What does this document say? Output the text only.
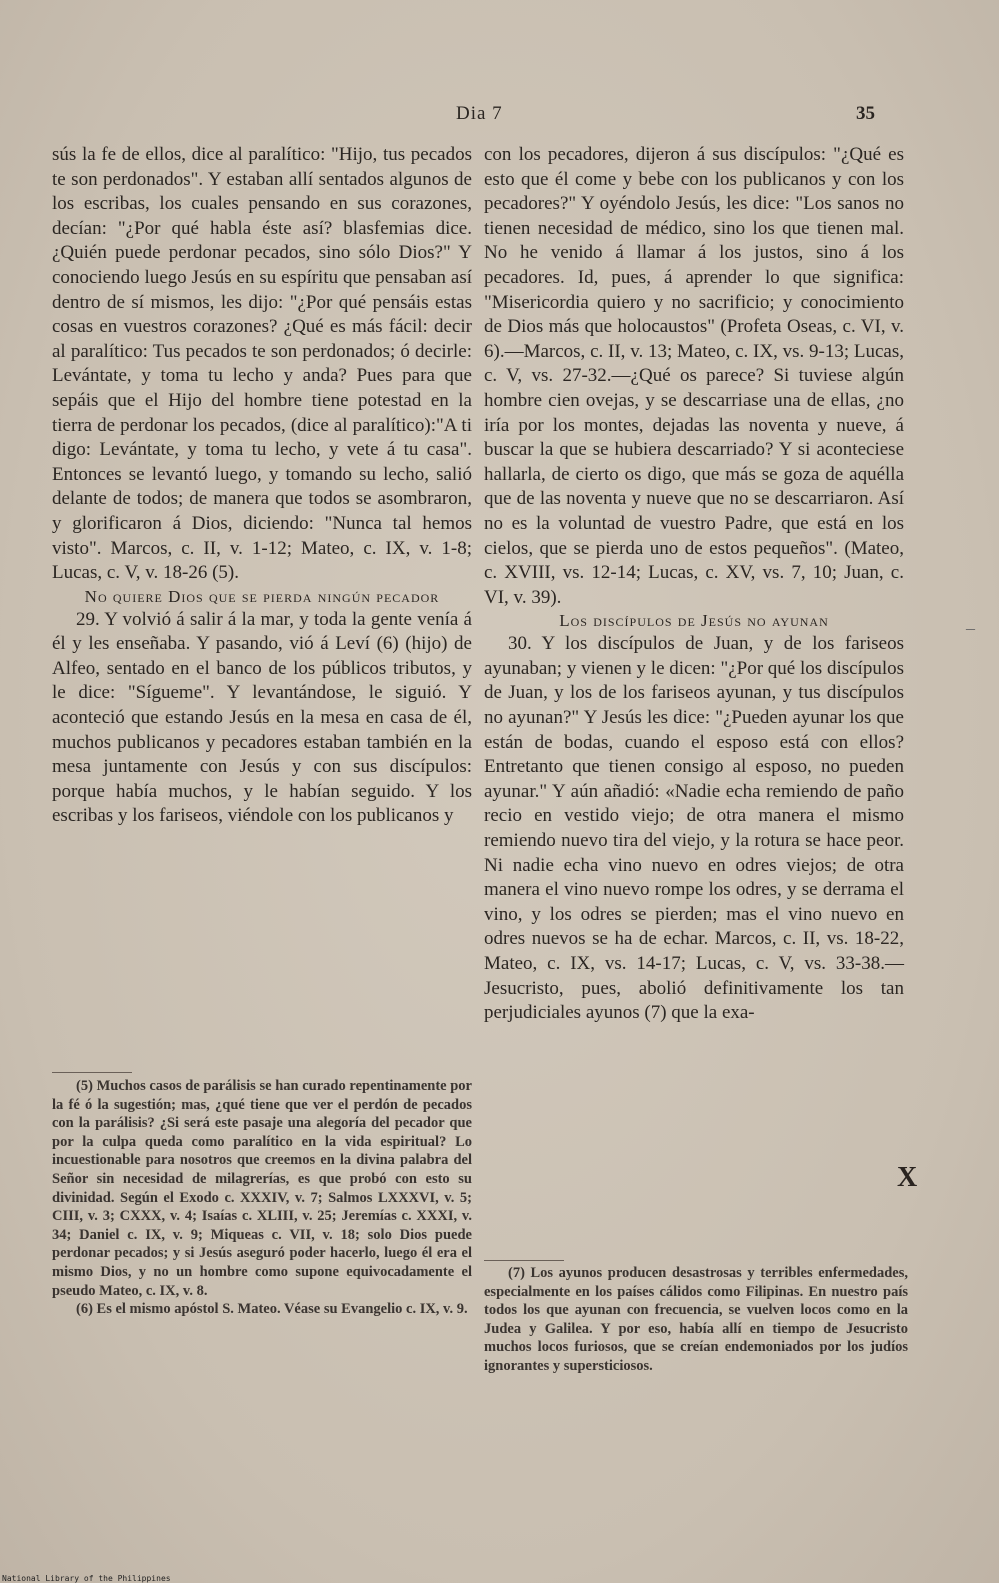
Dia 7	35

sús la fe de ellos, dice al paralítico: "Hijo, tus pecados te son perdonados". Y estaban allí sentados algunos de los escribas, los cuales pensando en sus corazones, decían: "¿Por qué habla éste así? blasfemias dice. ¿Quién puede perdonar pecados, sino sólo Dios?" Y conociendo luego Jesús en su espíritu que pensaban así dentro de sí mismos, les dijo: "¿Por qué pensáis estas cosas en vuestros corazones? ¿Qué es más fácil: decir al paralítico: Tus pecados te son perdonados; ó decirle: Levántate, y toma tu lecho y anda? Pues para que sepáis que el Hijo del hombre tiene potestad en la tierra de perdonar los pecados, (dice al paralítico):"A ti digo: Levántate, y toma tu lecho, y vete á tu casa". Entonces se levantó luego, y tomando su lecho, salió delante de todos; de manera que todos se asombraron, y glorificaron á Dios, diciendo: "Nunca tal hemos visto". Marcos, c. II, v. 1-12; Mateo, c. IX, v. 1-8; Lucas, c. V, v. 18-26 (5).

No quiere Dios que se pierda ningún pecador

29. Y volvió á salir á la mar, y toda la gente venía á él y les enseñaba. Y pasando, vió á Leví (6) (hijo) de Alfeo, sentado en el banco de los públicos tributos, y le dice: "Sígueme". Y levantándose, le siguió. Y aconteció que estando Jesús en la mesa en casa de él, muchos publicanos y pecadores estaban también en la mesa juntamente con Jesús y con sus discípulos: porque había muchos, y le habían seguido. Y los escribas y los fariseos, viéndole con los publicanos y

con los pecadores, dijeron á sus discípulos: "¿Qué es esto que él come y bebe con los publicanos y con los pecadores?" Y oyéndolo Jesús, les dice: "Los sanos no tienen necesidad de médico, sino los que tienen mal. No he venido á llamar á los justos, sino á los pecadores. Id, pues, á aprender lo que significa: "Misericordia quiero y no sacrificio; y conocimiento de Dios más que holocaustos" (Profeta Oseas, c. VI, v. 6).—Marcos, c. II, v. 13; Mateo, c. IX, vs. 9-13; Lucas, c. V, vs. 27-32.—¿Qué os parece? Si tuviese algún hombre cien ovejas, y se descarriase una de ellas, ¿no iría por los montes, dejadas las noventa y nueve, á buscar la que se hubiera descarriado? Y si aconteciese hallarla, de cierto os digo, que más se goza de aquélla que de las noventa y nueve que no se descarriaron. Así no es la voluntad de vuestro Padre, que está en los cielos, que se pierda uno de estos pequeños". (Mateo, c. XVIII, vs. 12-14; Lucas, c. XV, vs. 7, 10; Juan, c. VI, v. 39).

Los discípulos de Jesús no ayunan

30. Y los discípulos de Juan, y de los fariseos ayunaban; y vienen y le dicen: "¿Por qué los discípulos de Juan, y los de los fariseos ayunan, y tus discípulos no ayunan?" Y Jesús les dice: "¿Pueden ayunar los que están de bodas, cuando el esposo está con ellos? Entretanto que tienen consigo al esposo, no pueden ayunar." Y aún añadió: «Nadie echa remiendo de paño recio en vestido viejo; de otra manera el mismo remiendo nuevo tira del viejo, y la rotura se hace peor. Ni nadie echa vino nuevo en odres viejos; de otra manera el vino nuevo rompe los odres, y se derrama el vino, y los odres se pierden; mas el vino nuevo en odres nuevos se ha de echar. Marcos, c. II, vs. 18-22, Mateo, c. IX, vs. 14-17; Lucas, c. V, vs. 33-38.—Jesucristo, pues, abolió definitivamente los tan perjudiciales ayunos (7) que la exa-

(5) Muchos casos de parálisis se han curado repentinamente por la fé ó la sugestión; mas, ¿qué tiene que ver el perdón de pecados con la parálisis? ¿Si será este pasaje una alegoría del pecador que por la culpa queda como paralítico en la vida espiritual? Lo incuestionable para nosotros que creemos en la divina palabra del Señor sin necesidad de milagrerías, es que probó con esto su divinidad. Según el Exodo c. XXXIV, v. 7; Salmos LXXXVI, v. 5; CIII, v. 3; CXXX, v. 4; Isaías c. XLIII, v. 25; Jeremías c. XXXI, v. 34; Daniel c. IX, v. 9; Miqueas c. VII, v. 18; solo Dios puede perdonar pecados; y si Jesús aseguró poder hacerlo, luego él era el mismo Dios, y no un hombre como supone equivocadamente el pseudo Mateo, c. IX, v. 8.

(6) Es el mismo apóstol S. Mateo. Véase su Evangelio c. IX, v. 9.

(7) Los ayunos producen desastrosas y terribles enfermedades, especialmente en los países cálidos como Filipinas. En nuestro país todos los que ayunan con frecuencia, se vuelven locos como en la Judea y Galilea. Y por eso, había allí en tiempo de Jesucristo muchos locos furiosos, que se creían endemoniados por los judíos ignorantes y supersticiosos.

X
–
National Library of the Philippines
